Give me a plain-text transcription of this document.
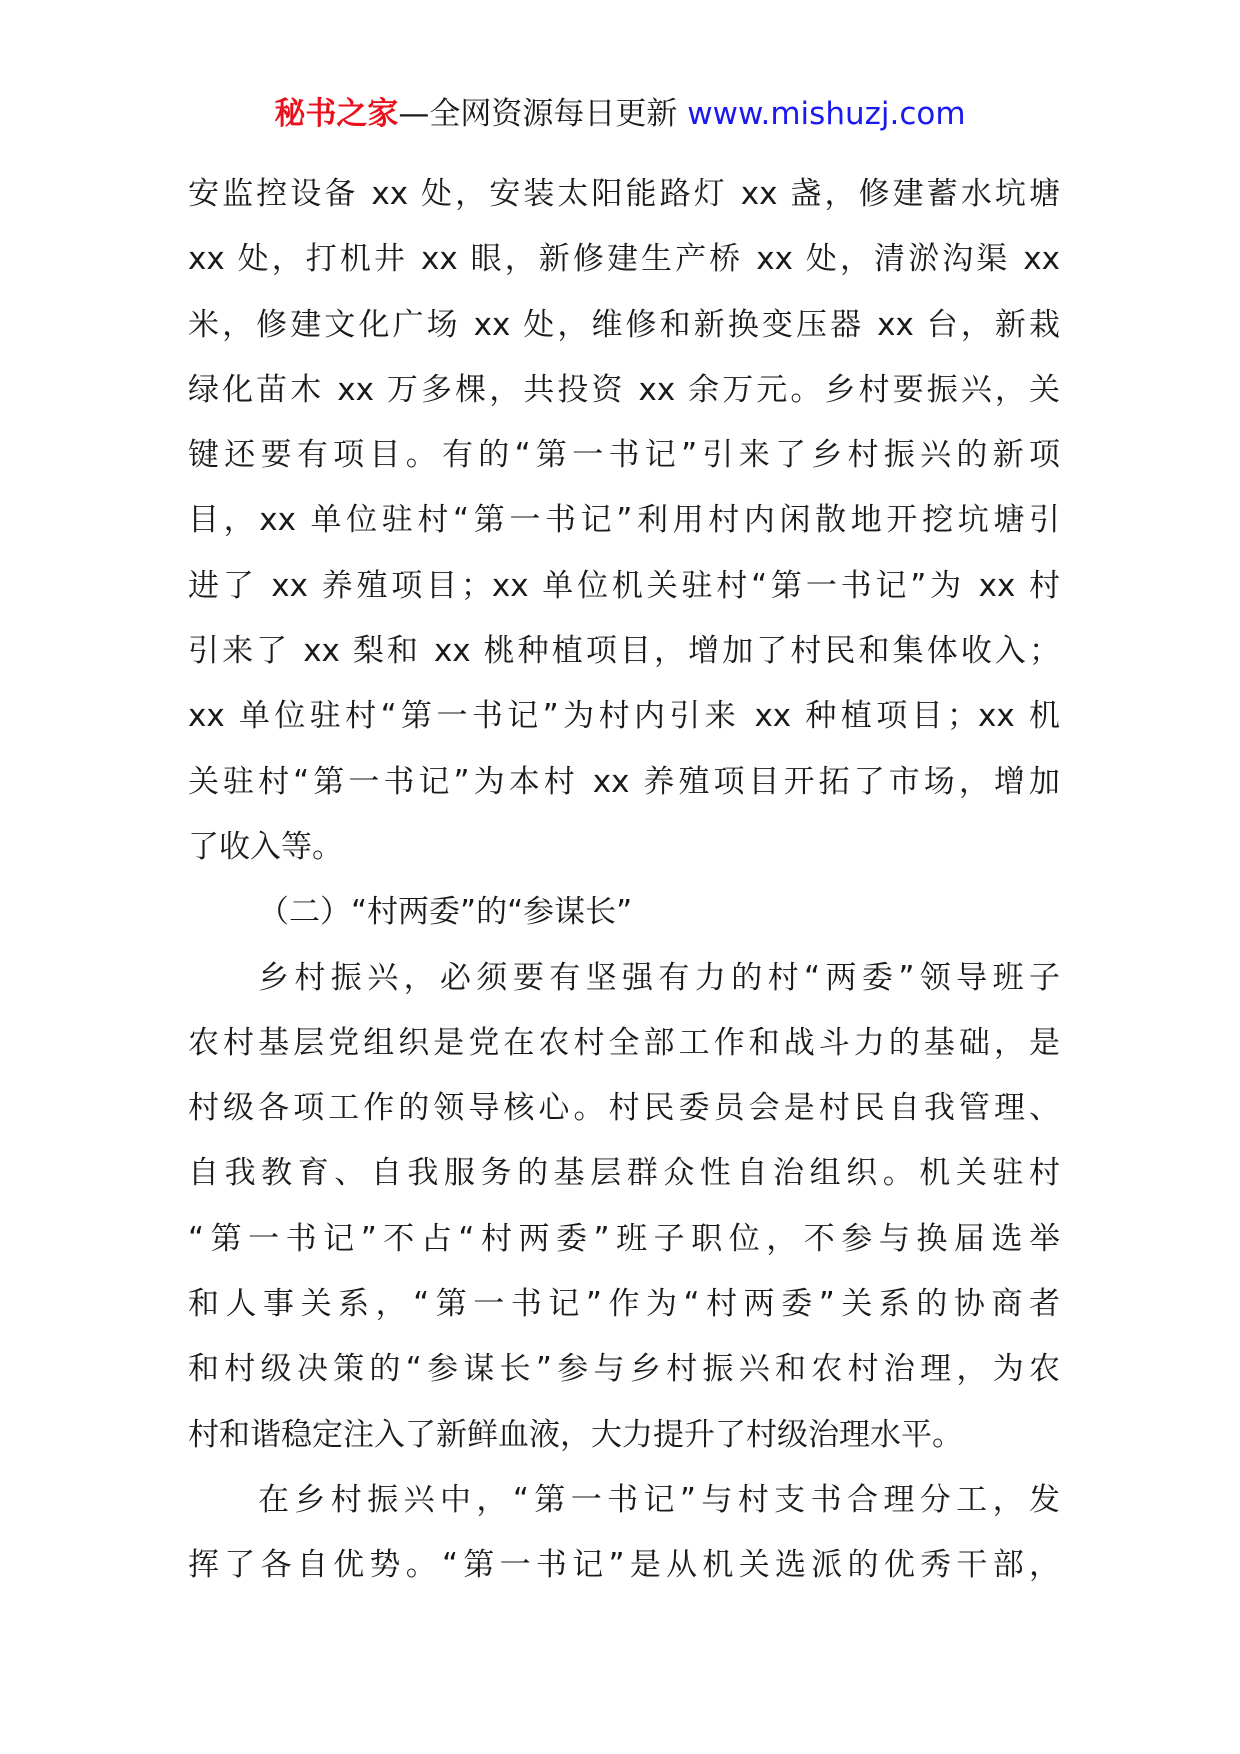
秘书之家—全网资源每日更新 www.mishuzj.com
安监控设备 xx 处，安装太阳能路灯 xx 盏，修建蓄水坑塘
xx 处，打机井 xx 眼，新修建生产桥 xx 处，清淤沟渠 xx
米，修建文化广场 xx 处，维修和新换变压器 xx 台，新栽
绿化苗木 xx 万多棵，共投资 xx 余万元。乡村要振兴，关
键还要有项目。有的“第一书记”引来了乡村振兴的新项
目，xx 单位驻村“第一书记”利用村内闲散地开挖坑塘引
进了 xx 养殖项目；xx 单位机关驻村“第一书记”为 xx 村
引来了 xx 梨和 xx 桃种植项目，增加了村民和集体收入；
xx 单位驻村“第一书记”为村内引来 xx 种植项目；xx 机
关驻村“第一书记”为本村 xx 养殖项目开拓了市场，增加
了收入等。
（二）“村两委”的“参谋长”
乡村振兴，必须要有坚强有力的村“两委”领导班子
农村基层党组织是党在农村全部工作和战斗力的基础，是
村级各项工作的领导核心。村民委员会是村民自我管理、
自我教育、自我服务的基层群众性自治组织。机关驻村
“第一书记”不占“村两委”班子职位，不参与换届选举
和人事关系，“第一书记”作为“村两委”关系的协商者
和村级决策的“参谋长”参与乡村振兴和农村治理，为农
村和谐稳定注入了新鲜血液，大力提升了村级治理水平。
在乡村振兴中，“第一书记”与村支书合理分工，发
挥了各自优势。“第一书记”是从机关选派的优秀干部，
